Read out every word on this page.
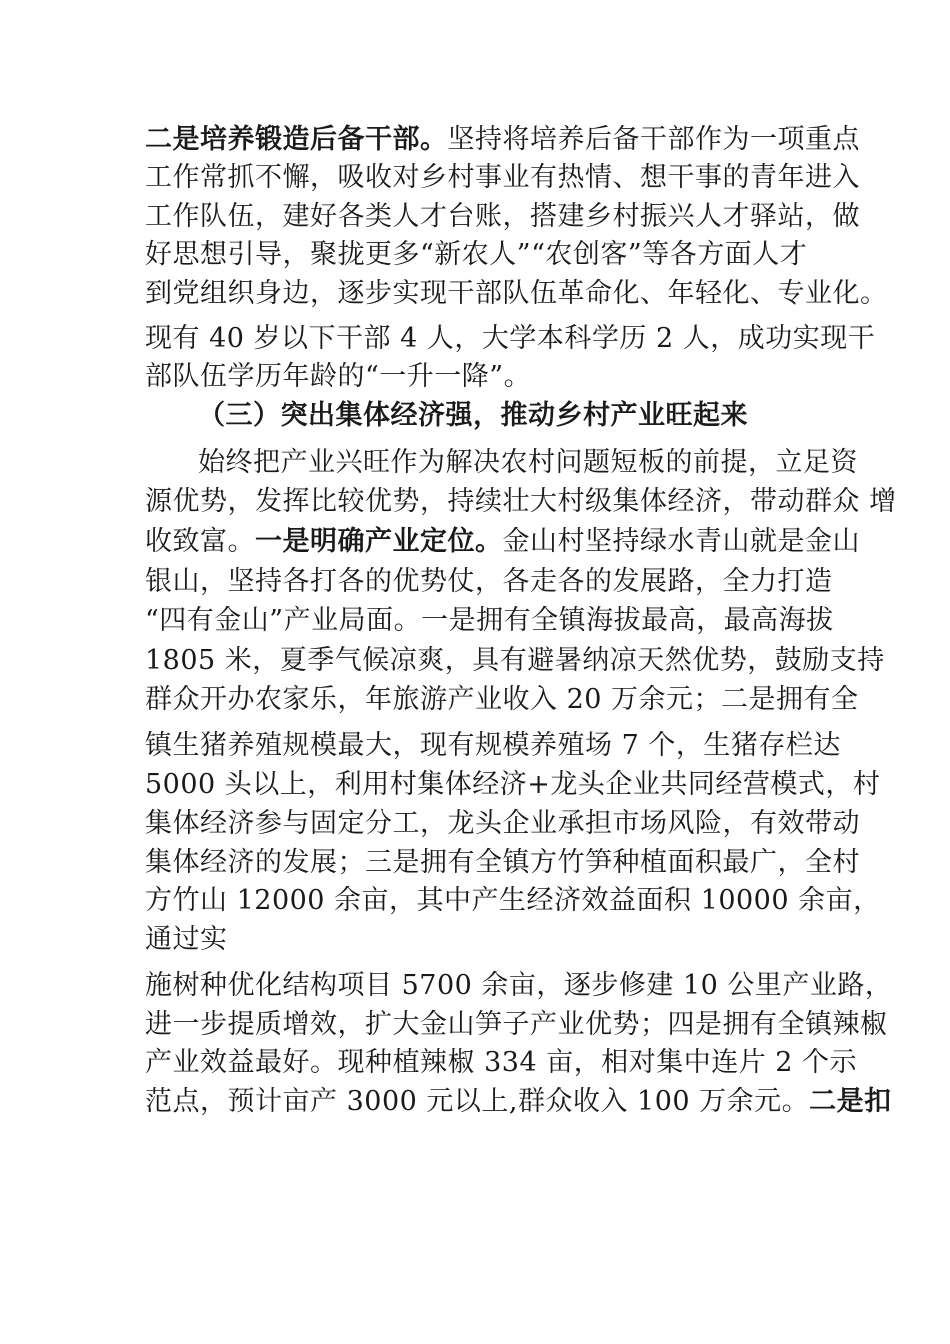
二是培养锻造后备干部。坚持将培养后备干部作为一项重点
工作常抓不懈，吸收对乡村事业有热情、想干事的青年进入
工作队伍，建好各类人才台账，搭建乡村振兴人才驿站，做
好思想引导，聚拢更多“新农人”“农创客”等各方面人才
到党组织身边，逐步实现干部队伍革命化、年轻化、专业化。
现有 40 岁以下干部 4 人，大学本科学历 2 人，成功实现干
部队伍学历年龄的“一升一降”。
（三）突出集体经济强，推动乡村产业旺起来
始终把产业兴旺作为解决农村问题短板的前提，立足资
源优势，发挥比较优势，持续壮大村级集体经济，带动群众 增
收致富。一是明确产业定位。金山村坚持绿水青山就是金山
银山，坚持各打各的优势仗，各走各的发展路，全力打造
“四有金山”产业局面。一是拥有全镇海拔最高，最高海拔
1805 米，夏季气候凉爽，具有避暑纳凉天然优势，鼓励支持
群众开办农家乐，年旅游产业收入 20 万余元；二是拥有全
镇生猪养殖规模最大，现有规模养殖场 7 个，生猪存栏达
5000 头以上，利用村集体经济+龙头企业共同经营模式，村
集体经济参与固定分工，龙头企业承担市场风险，有效带动
集体经济的发展；三是拥有全镇方竹笋种植面积最广，全村
方竹山 12000 余亩，其中产生经济效益面积 10000 余亩，
通过实
施树种优化结构项目 5700 余亩，逐步修建 10 公里产业路，
进一步提质增效，扩大金山笋子产业优势；四是拥有全镇辣椒
产业效益最好。现种植辣椒 334 亩，相对集中连片 2 个示
范点，预计亩产 3000 元以上,群众收入 100 万余元。二是扣
